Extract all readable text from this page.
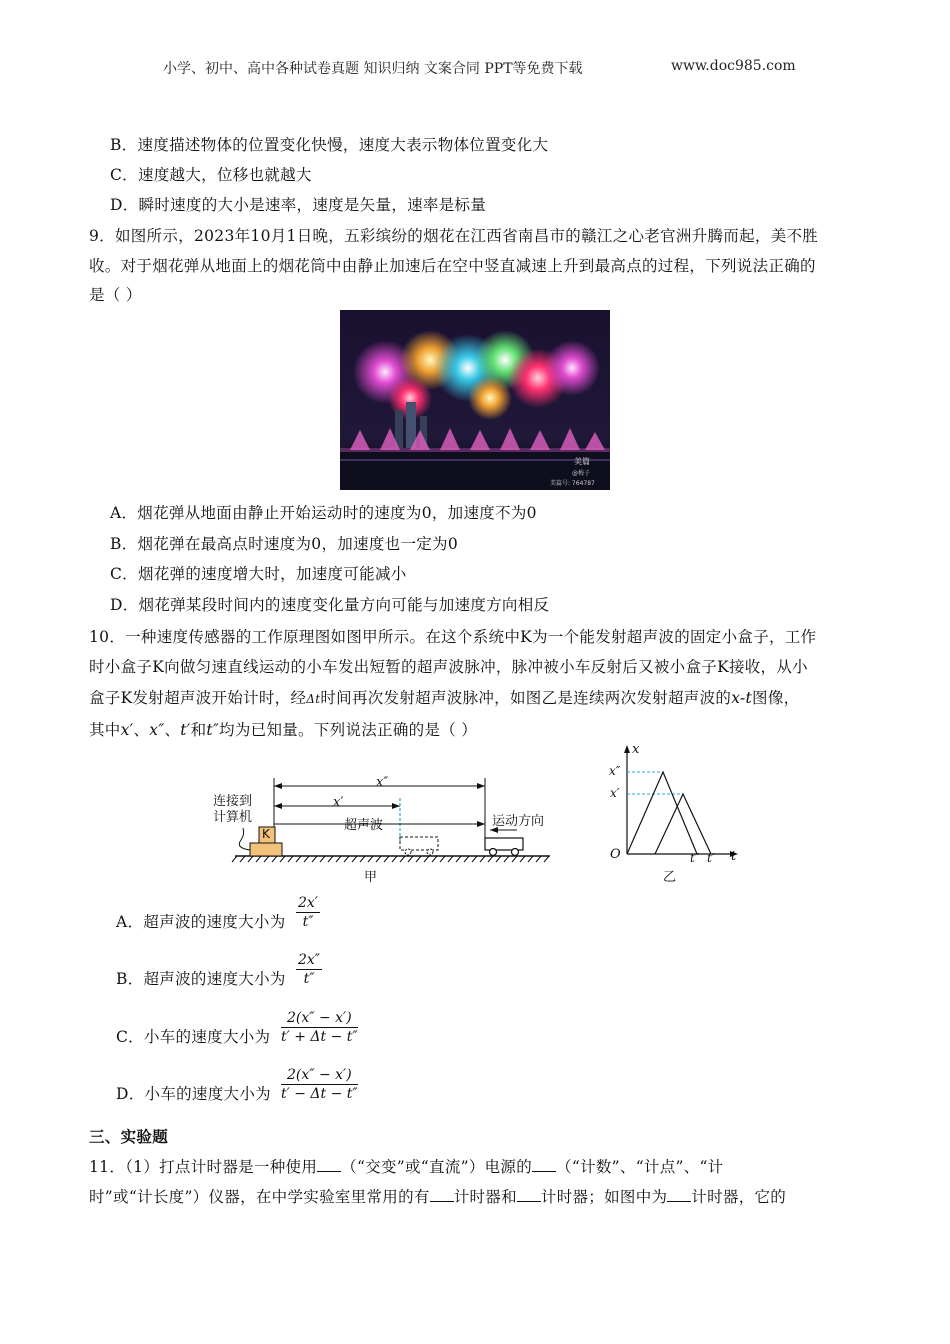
小学、初中、高中各种试卷真题 知识归纳 文案合同 PPT等免费下载	www.doc985.com
B．速度描述物体的位置变化快慢，速度大表示物体位置变化大
C．速度越大，位移也就越大
D．瞬时速度的大小是速率，速度是矢量，速率是标量
9．如图所示，2023年10月1日晚，五彩缤纷的烟花在江西省南昌市的赣江之心老官洲升腾而起，美不胜
收。对于烟花弹从地面上的烟花筒中由静止加速后在空中竖直减速上升到最高点的过程，下列说法正确的
是（ ）
美篇
@梅子
美篇号: 764787
A．烟花弹从地面由静止开始运动时的速度为0，加速度不为0
B．烟花弹在最高点时速度为0，加速度也一定为0
C．烟花弹的速度增大时，加速度可能减小
D．烟花弹某段时间内的速度变化量方向可能与加速度方向相反
10．一种速度传感器的工作原理图如图甲所示。在这个系统中K为一个能发射超声波的固定小盒子，工作
时小盒子K向做匀速直线运动的小车发出短暂的超声波脉冲，脉冲被小车反射后又被小盒子K接收，从小
盒子K发射超声波开始计时，经Δt时间再次发射超声波脉冲，如图乙是连续两次发射超声波的x-t图像，
其中x′、x″、t′和t″均为已知量。下列说法正确的是（ ）
连接到
计算机
K
x″
x′
超声波	运动方向
甲
x
x″
x′
O	t″ t′ t
乙
A．超声波的速度大小为 $\frac{2x'}{t''}$
B．超声波的速度大小为 $\frac{2x''}{t''}$
C．小车的速度大小为 $\frac{2(x'' - x')}{t' + \Delta t - t''}$
D．小车的速度大小为 $\frac{2(x'' - x')}{t' - \Delta t - t''}$
三、实验题
11．（1）打点计时器是一种使用 （“交变”或“直流”）电源的 （“计数”、“计点”、“计
时”或“计长度”）仪器，在中学实验室里常用的有 计时器和 计时器；如图中为 计时器，它的
